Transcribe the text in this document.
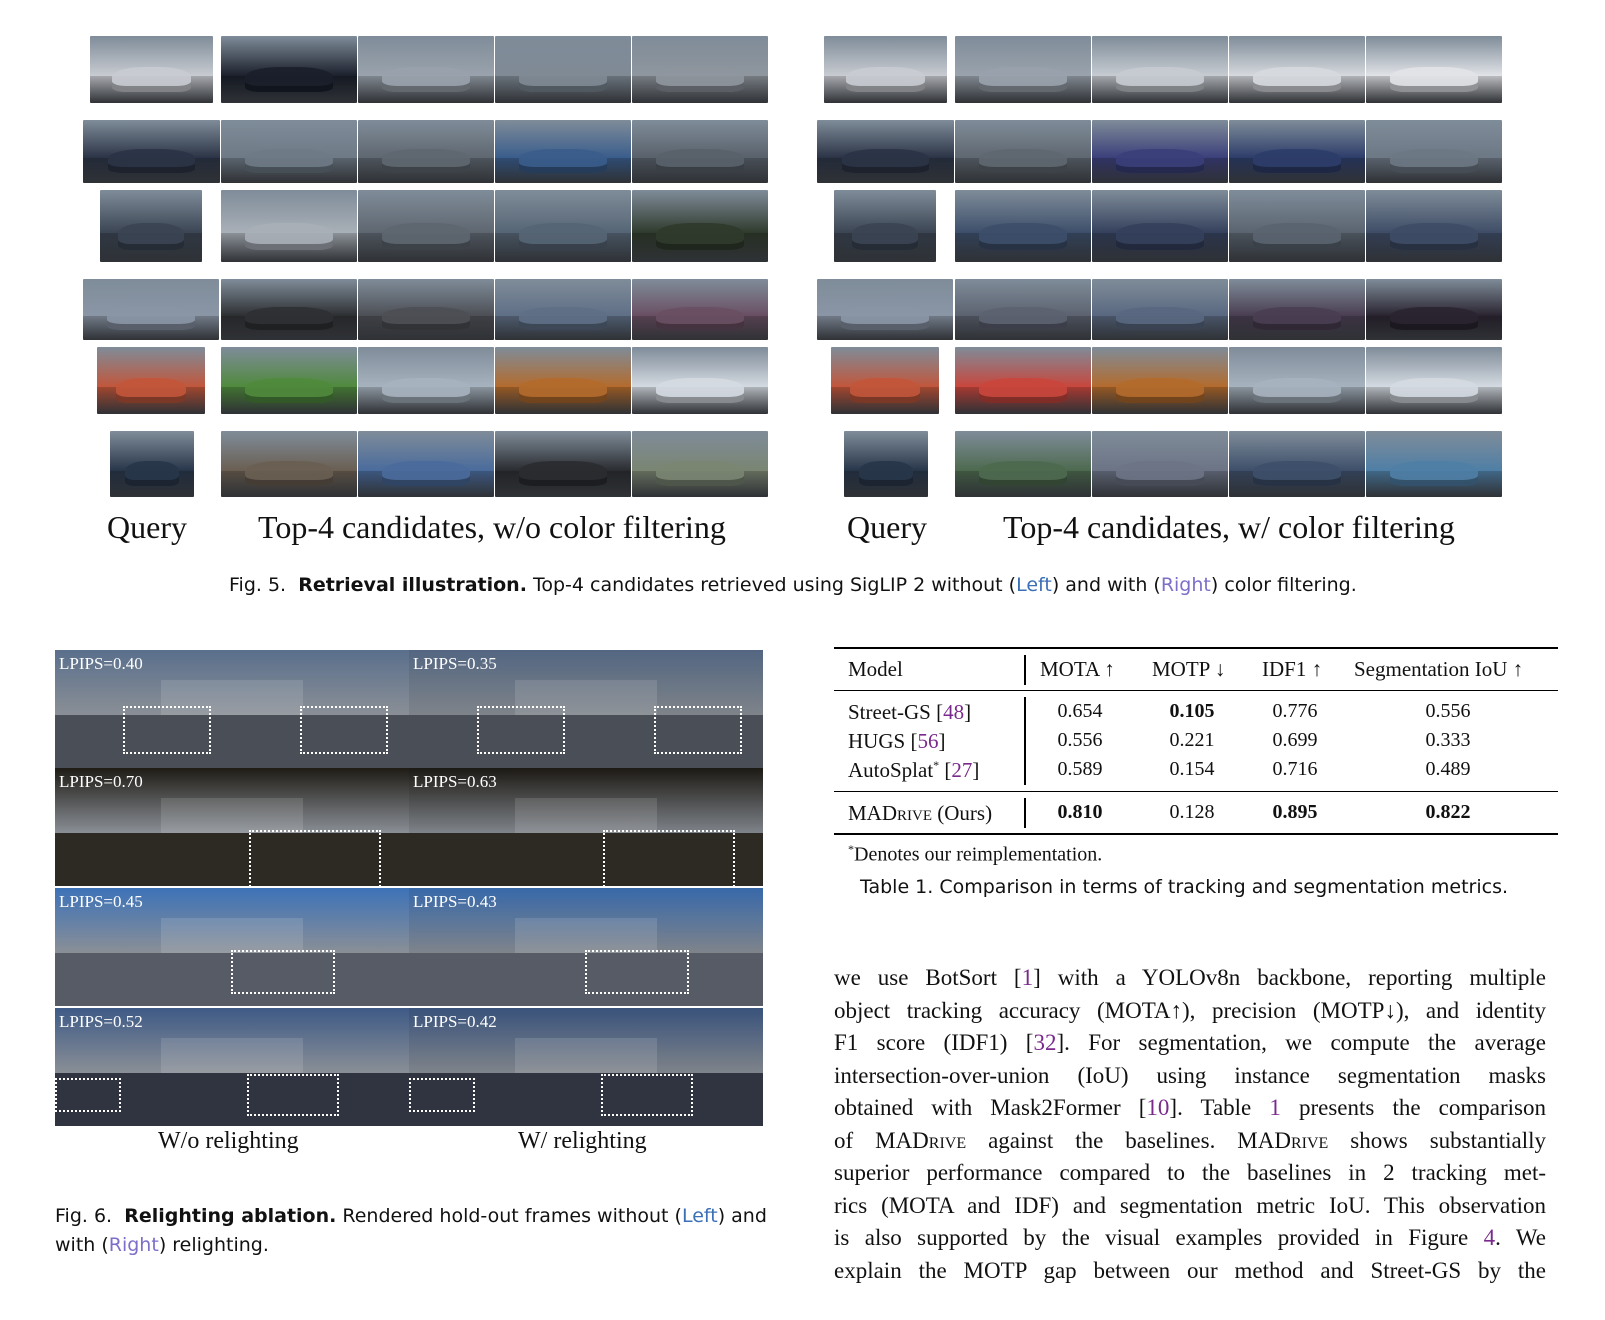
Query Top-4 candidates, w/o color filtering	Query Top-4 candidates, w/ color filtering
Fig. 5. Retrieval illustration. Top-4 candidates retrieved using SigLIP 2 without (Left) and with (Right) color filtering.
LPIPS=0.40	LPIPS=0.35
LPIPS=0.70	LPIPS=0.63
LPIPS=0.45	LPIPS=0.43
LPIPS=0.52	LPIPS=0.42
W/o relighting	W/ relighting
Fig. 6. Relighting ablation. Rendered hold-out frames without (Left) and
with (Right) relighting.
Model	MOTA ↑ MOTP ↓ IDF1 ↑ Segmentation IoU ↑
Street-GS [48]	0.654	0.105	0.776	0.556
HUGS [56]	0.556	0.221	0.699	0.333
AutoSplat* [27]	0.589	0.154	0.716	0.489
MADrive (Ours)	0.810	0.128	0.895	0.822
*Denotes our reimplementation.
Table 1. Comparison in terms of tracking and segmentation metrics.
we use BotSort [1] with a YOLOv8n backbone, reporting multiple
object tracking accuracy (MOTA↑), precision (MOTP↓), and identity
F1 score (IDF1) [32]. For segmentation, we compute the average
intersection-over-union (IoU) using instance segmentation masks
obtained with Mask2Former [10]. Table 1 presents the comparison
of MADrive against the baselines. MADrive shows substantially
superior performance compared to the baselines in 2 tracking met-
rics (MOTA and IDF) and segmentation metric IoU. This observation
is also supported by the visual examples provided in Figure 4. We
explain the MOTP gap between our method and Street-GS by the
